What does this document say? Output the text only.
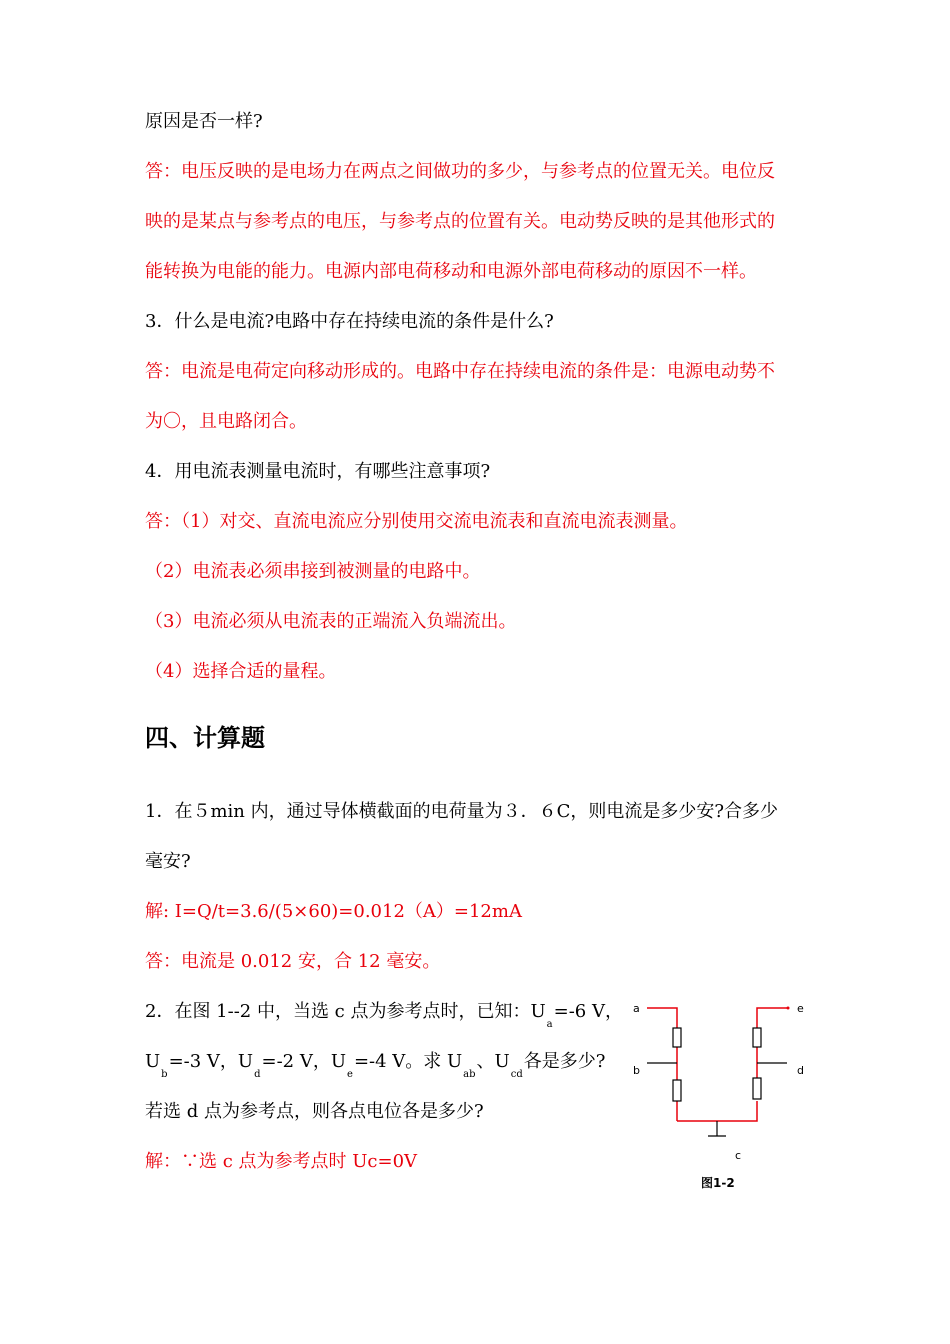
原因是否一样?
答：电压反映的是电场力在两点之间做功的多少，与参考点的位置无关。电位反
映的是某点与参考点的电压，与参考点的位置有关。电动势反映的是其他形式的
能转换为电能的能力。电源内部电荷移动和电源外部电荷移动的原因不一样。
3．什么是电流?电路中存在持续电流的条件是什么?
答：电流是电荷定向移动形成的。电路中存在持续电流的条件是：电源电动势不
为〇，且电路闭合。
4．用电流表测量电流时，有哪些注意事项?
答：（1）对交、直流电流应分别使用交流电流表和直流电流表测量。
（2）电流表必须串接到被测量的电路中。
（3）电流必须从电流表的正端流入负端流出。
（4）选择合适的量程。
四、计算题
1．在５min 内，通过导体横截面的电荷量为３．６C，则电流是多少安?合多少
毫安?
解: I=Q/t=3.6/(5×60)=0.012（A）=12mA
答：电流是 0.012 安，合 12 毫安。
2．在图 1--2 中，当选 c 点为参考点时，已知：$U_a=-6$ V，
$U_b=-3$ V，$U_d=-2$ V，$U_e=-4$ V。求 $U_{ab}$、$U_{cd}$各是多少?
若选 d 点为参考点，则各点电位各是多少?
解：∵选 c 点为参考点时 Uc=0V
a	e
b	d
c
图1-2
